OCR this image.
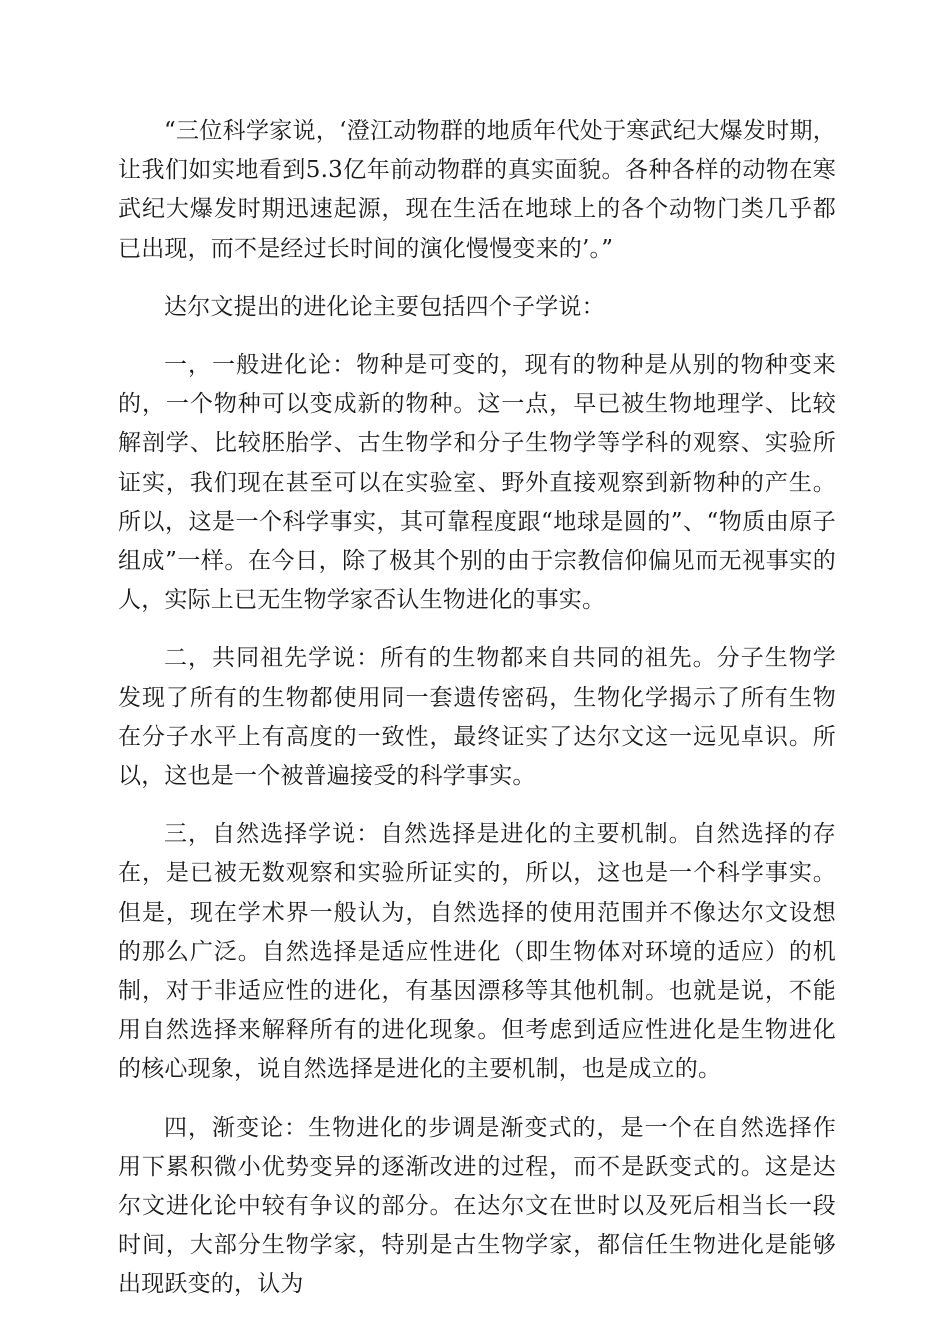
“三位科学家说，‘澄江动物群的地质年代处于寒武纪大爆发时期，让我们如实地看到5.3亿年前动物群的真实面貌。各种各样的动物在寒武纪大爆发时期迅速起源，现在生活在地球上的各个动物门类几乎都已出现，而不是经过长时间的演化慢慢变来的’。”

达尔文提出的进化论主要包括四个子学说：

一，一般进化论：物种是可变的，现有的物种是从别的物种变来的，一个物种可以变成新的物种。这一点，早已被生物地理学、比较解剖学、比较胚胎学、古生物学和分子生物学等学科的观察、实验所证实，我们现在甚至可以在实验室、野外直接观察到新物种的产生。所以，这是一个科学事实，其可靠程度跟“地球是圆的”、“物质由原子组成”一样。在今日，除了极其个别的由于宗教信仰偏见而无视事实的人，实际上已无生物学家否认生物进化的事实。

二，共同祖先学说：所有的生物都来自共同的祖先。分子生物学发现了所有的生物都使用同一套遗传密码，生物化学揭示了所有生物在分子水平上有高度的一致性，最终证实了达尔文这一远见卓识。所以，这也是一个被普遍接受的科学事实。

三，自然选择学说：自然选择是进化的主要机制。自然选择的存在，是已被无数观察和实验所证实的，所以，这也是一个科学事实。但是，现在学术界一般认为，自然选择的使用范围并不像达尔文设想的那么广泛。自然选择是适应性进化（即生物体对环境的适应）的机制，对于非适应性的进化，有基因漂移等其他机制。也就是说，不能用自然选择来解释所有的进化现象。但考虑到适应性进化是生物进化的核心现象，说自然选择是进化的主要机制，也是成立的。

四，渐变论：生物进化的步调是渐变式的，是一个在自然选择作用下累积微小优势变异的逐渐改进的过程，而不是跃变式的。这是达尔文进化论中较有争议的部分。在达尔文在世时以及死后相当长一段时间，大部分生物学家，特别是古生物学家，都信任生物进化是能够出现跃变的，认为
